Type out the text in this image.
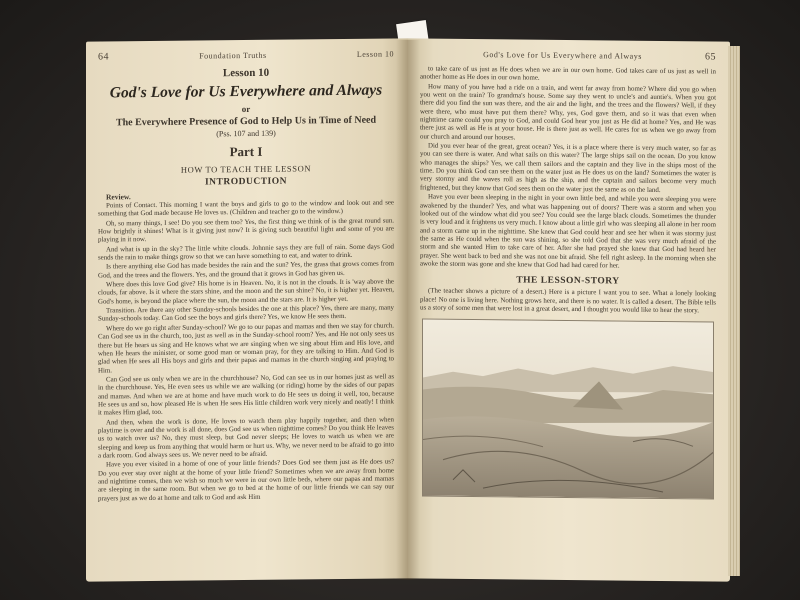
64	Foundation Truths	Lesson 10
Lesson 10
God's Love for Us Everywhere and Always
or
The Everywhere Presence of God to Help Us in Time of Need
(Pss. 107 and 139)
Part I
HOW TO TEACH THE LESSON
INTRODUCTION
Review.

Points of Contact. This morning I want the boys and girls to go to the window and look out and see something that God made because He loves us. (Children and teacher go to the window.)

Oh, so many things, I see! Do you see them too? Yes, the first thing we think of is the great round sun. How brightly it shines! What is it giving just now? It is giving such beautiful light and some of you are playing in it now.

And what is up in the sky? The little white clouds. Johnnie says they are full of rain. Some days God sends the rain to make things grow so that we can have something to eat, and water to drink.

Is there anything else God has made besides the rain and the sun? Yes, the grass that grows comes from God, and the trees and the flowers. Yes, and the ground that it grows in God has given us.

Where does this love God give? His home is in Heaven. No, it is not in the clouds. It is 'way above the clouds, far above. Is it where the stars shine, and the moon and the sun shine? No, it is higher yet. Heaven, God's home, is beyond the place where the sun, the moon and the stars are. It is higher yet.

Transition. Are there any other Sunday-schools besides the one at this place? Yes, there are many, many Sunday-schools today. Can God see the boys and girls there? Yes, we know He sees them.

Where do we go right after Sunday-school? We go to our papas and mamas and then we stay for church. Can God see us in the church, too, just as well as in the Sunday-school room? Yes, and He not only sees us there but He hears us sing and He knows what we are singing when we sing about Him and His love, and when He hears the minister, or some good man or woman pray, for they are talking to Him. And God is glad when He sees all His boys and girls and their papas and mamas in the church singing and praying to Him.

Can God see us only when we are in the churchhouse? No, God can see us in our homes just as well as in the churchhouse. Yes, He even sees us while we are walking (or riding) home by the sides of our papas and mamas. And when we are at home and have much work to do He sees us doing it well, too, because He sees us and so, how pleased He is when He sees His little children work very nicely and neatly! I think it makes Him glad, too.

And then, when the work is done, He loves to watch them play happily together, and then when playtime is over and the work is all done, does God see us when nighttime comes? Do you think He leaves us to watch over us? No, they must sleep, but God never sleeps; He loves to watch us when we are sleeping and keep us from anything that would harm or hurt us. Why, we never need to be afraid to go into a dark room. God always sees us. We never need to be afraid.

Have you ever visited in a home of one of your little friends? Does God see them just as He does us? Do you ever stay over night at the home of your little friend? Sometimes when we are away from home and nighttime comes, then we wish so much we were in our own little beds, where our papas and mamas are sleeping in the same room. But when we go to bed at the home of our little friends we can say our prayers just as we do at home and talk to God and ask Him

God's Love for Us Everywhere and Always	65

to take care of us just as He does when we are in our own home. God takes care of us just as well in another home as He does in our own home.

How many of you have had a ride on a train, and went far away from home? Where did you go when you went on the train? To grandma's house. Some say they went to uncle's and auntie's. When you got there did you find the sun was there, and the air and the light, and the trees and the flowers? Well, if they were there, who must have put them there? Why, yes, God gave them, and so it was that even when nighttime came could you pray to God, and could God hear you just as He did at home? Yes, and He was there just as well as He is at your house. He is there just as well. He cares for us when we go away from our church and around our houses.

Did you ever hear of the great, great ocean? Yes, it is a place where there is very much water, so far as you can see there is water. And what sails on this water? The large ships sail on the ocean. Do you know who manages the ships? Yes, we call them sailors and the captain and they live in the ships most of the time. Do you think God can see them on the water just as He does us on the land? Sometimes the water is very stormy and the waves roll as high as the ship, and the captain and sailors become very much frightened, but they know that God sees them on the water just the same as on the land.

Have you ever been sleeping in the night in your own little bed, and while you were sleeping you were awakened by the thunder? Yes, and what was happening out of doors? There was a storm and when you looked out of the window what did you see? You could see the large black clouds. Sometimes the thunder is very loud and it frightens us very much. I know about a little girl who was sleeping all alone in her room and a storm came up in the nighttime. She knew that God could hear and see her when it was stormy just the same as He could when the sun was shining, so she told God that she was very much afraid of the storm and she wanted Him to take care of her. After she had prayed she knew that God had heard her prayer. She went back to bed and she was not one bit afraid. She fell right asleep. In the morning when she awoke the storm was gone and she knew that God had had cared for her.

THE LESSON-STORY

(The teacher shows a picture of a desert.) Here is a picture I want you to see. What a lonely looking place! No one is living here. Nothing grows here, and there is no water. It is called a desert. The Bible tells us a story of some men that were lost in a great desert, and I thought you would like to hear the story.
